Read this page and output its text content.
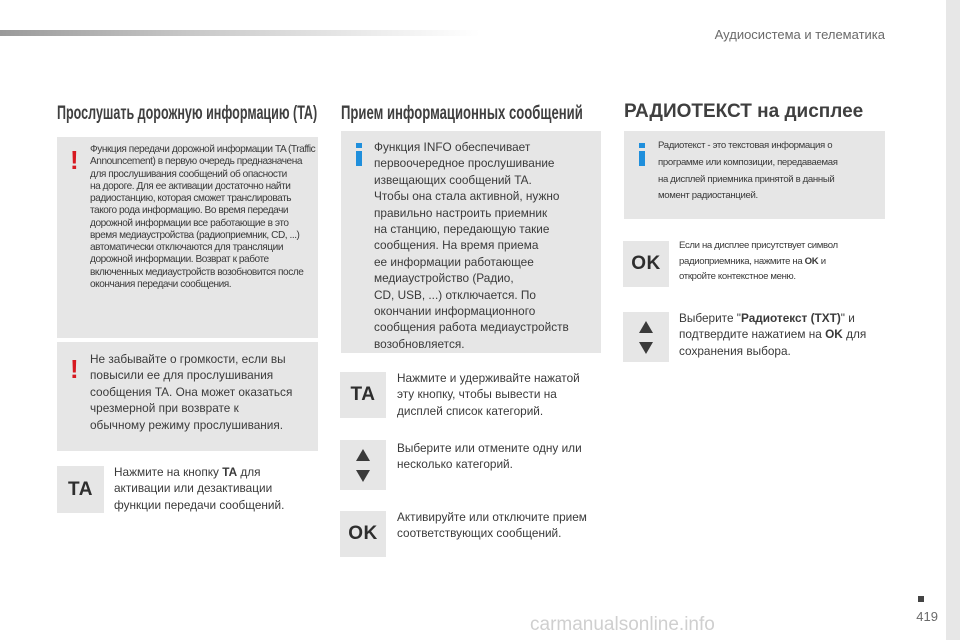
Аудиосистема и телематика
Прослушать дорожную информацию (TA)
! Функция передачи дорожной информации TA (Traffic
Announcement) в первую очередь предназначена
для прослушивания сообщений об опасности
на дороге. Для ее активации достаточно найти
радиостанцию, которая сможет транслировать
такого рода информацию. Во время передачи
дорожной информации все работающие в это
время медиаустройства (радиоприемник, CD, ...)
автоматически отключаются для трансляции
дорожной информации. Возврат к работе
включенных медиаустройств возобновится после
окончания передачи сообщения.
! Не забывайте о громкости, если вы
повысили ее для прослушивания
сообщения TA. Она может оказаться
чрезмерной при возврате к
обычному режиму прослушивания.
TA
Нажмите на кнопку TA для
активации или дезактивации
функции передачи сообщений.
Прием информационных сообщений
Функция INFO обеспечивает
первоочередное прослушивание
извещающих сообщений TA.
Чтобы она стала активной, нужно
правильно настроить приемник
на станцию, передающую такие
сообщения. На время приема
ее информации работающее
медиаустройство (Радио,
CD, USB, ...) отключается. По
окончании информационного
сообщения работа медиаустройств
возобновляется.
TA
Нажмите и удерживайте нажатой
эту кнопку, чтобы вывести на
дисплей список категорий.
Выберите или отмените одну или
несколько категорий.
OK
Активируйте или отключите прием
соответствующих сообщений.
РАДИОТЕКСТ на дисплее
Радиотекст - это текстовая информация о
программе или композиции, передаваемая
на дисплей приемника принятой в данный
момент радиостанцией.
OK
Если на дисплее присутствует символ
радиоприемника, нажмите на OK и
откройте контекстное меню.
Выберите "Радиотекст (TXT)" и
подтвердите нажатием на OK для
сохранения выбора.
419
carmanualsonline.info
